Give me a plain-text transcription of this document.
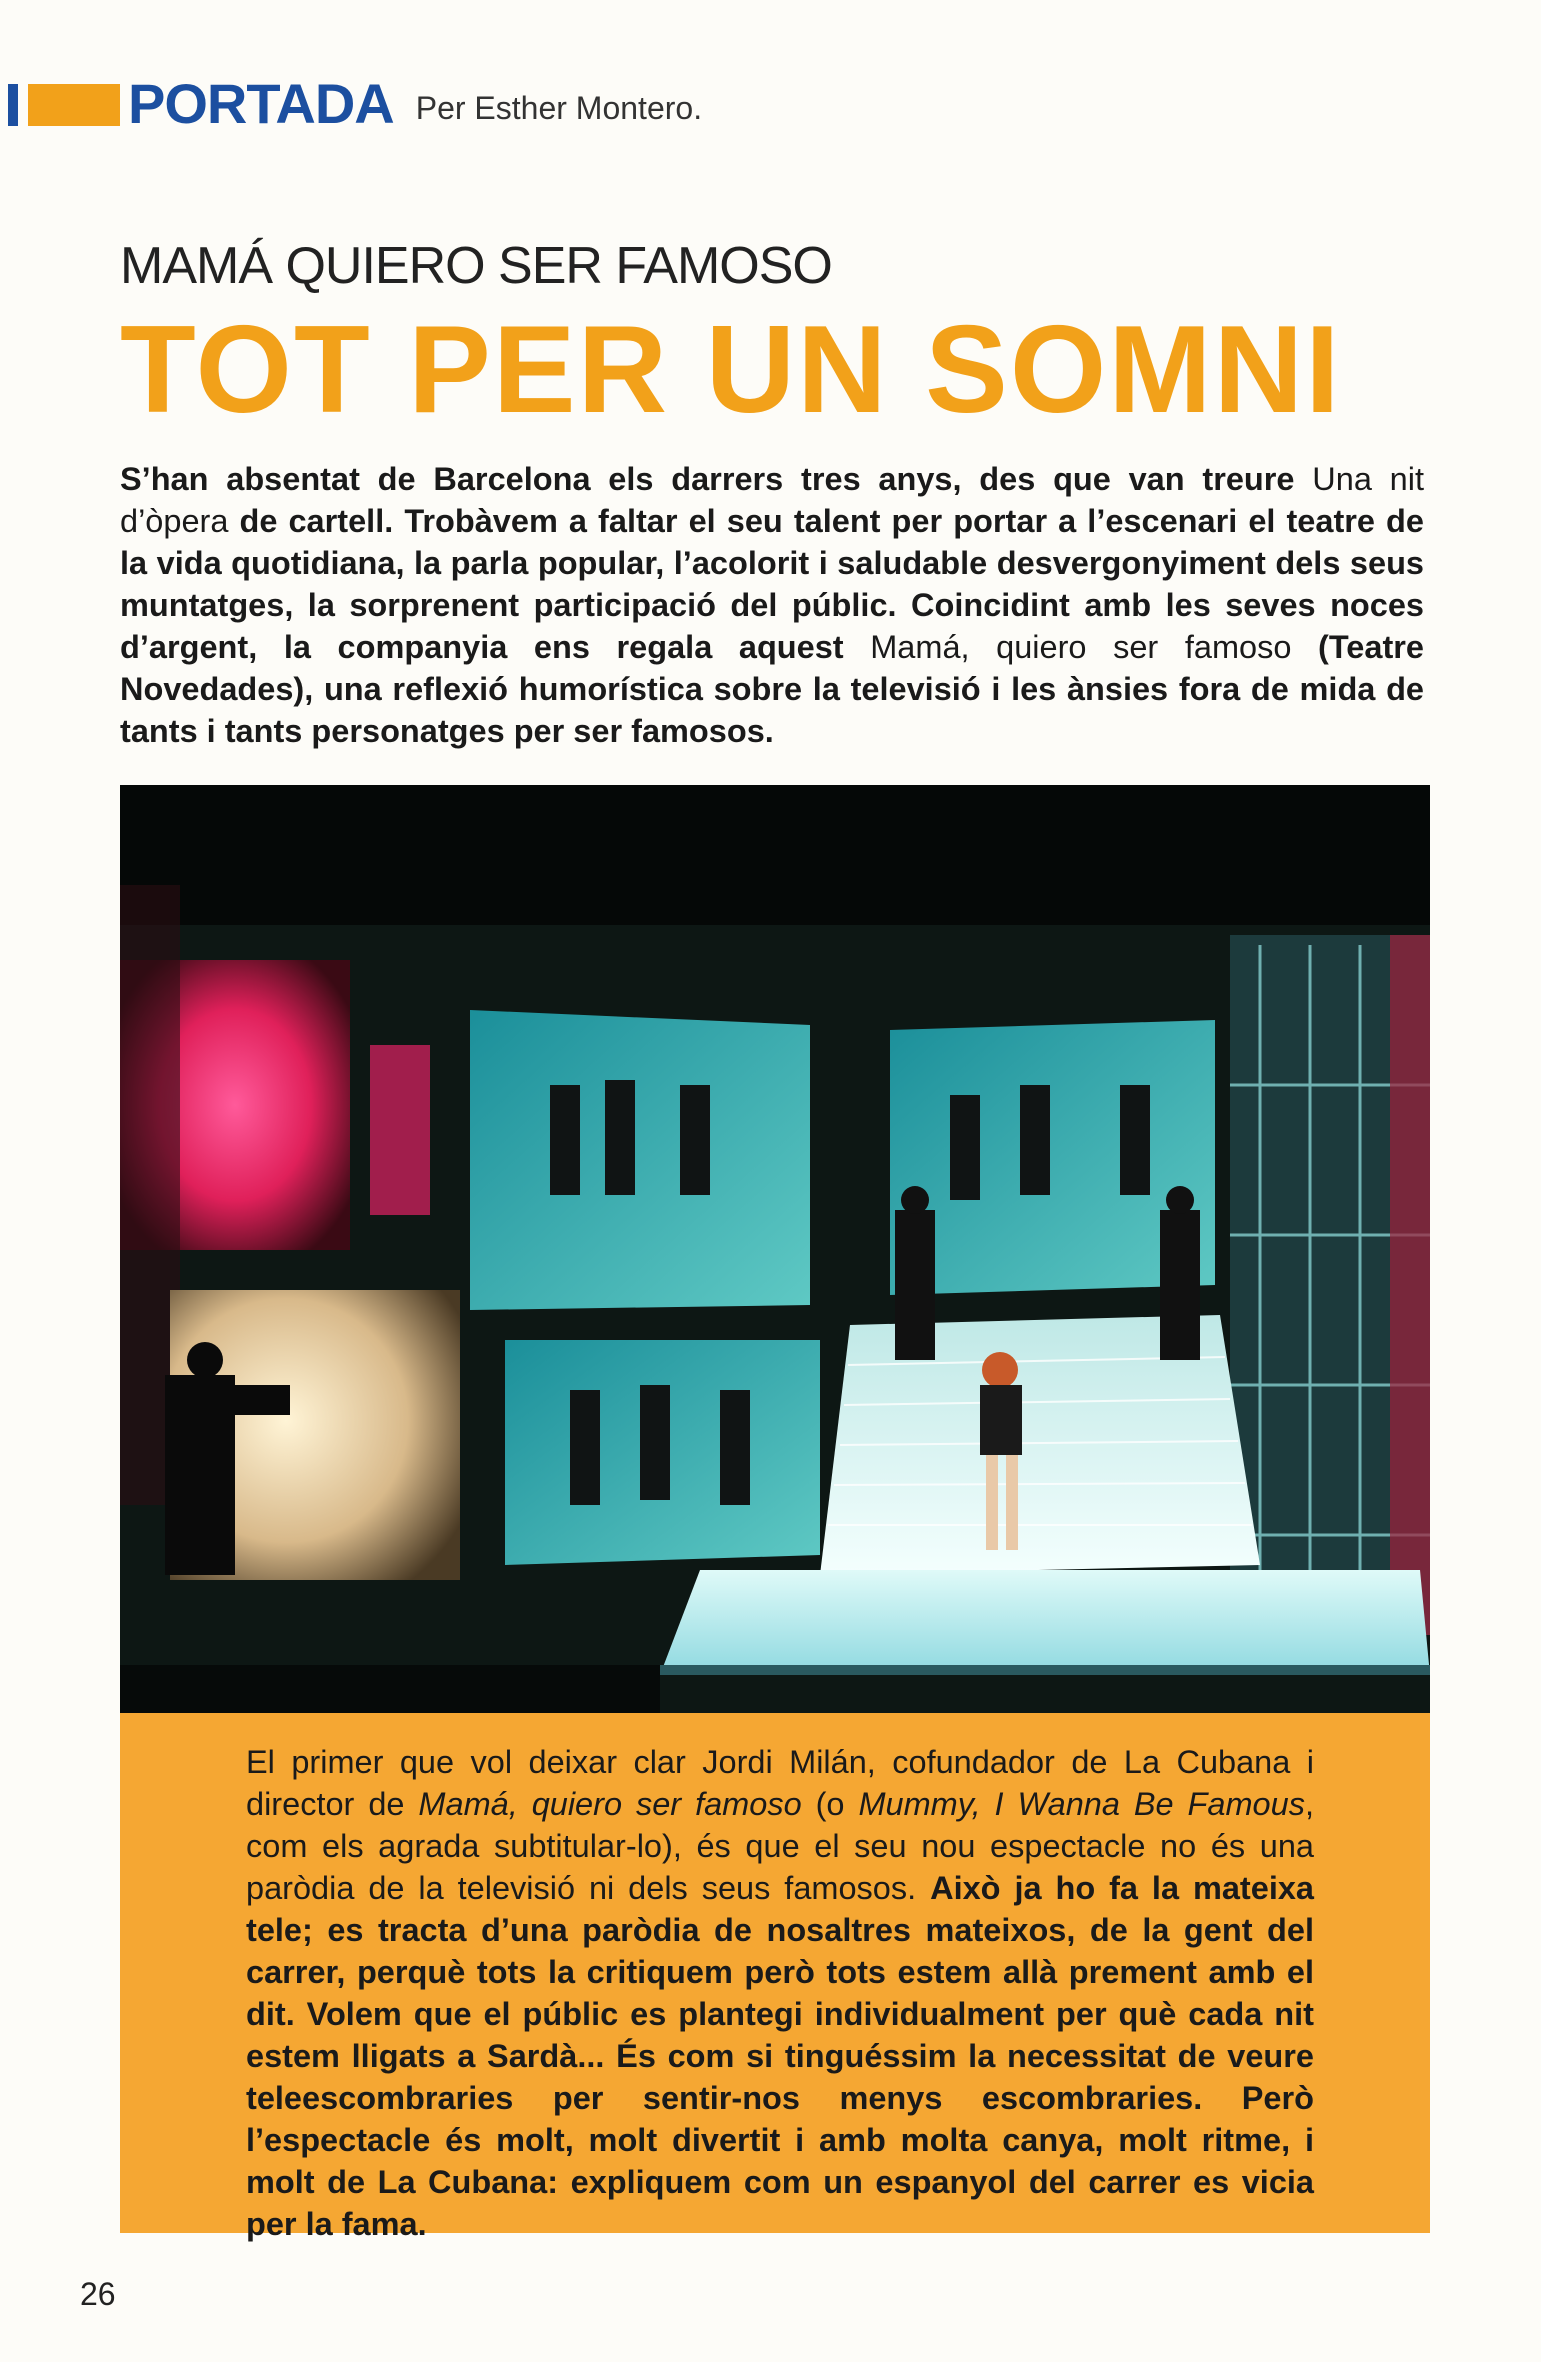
PORTADA Per Esther Montero.
MAMÁ QUIERO SER FAMOSO
TOT PER UN SOMNI
S’han absentat de Barcelona els darrers tres anys, des que van treure Una nit d’òpera de cartell. Trobàvem a faltar el seu talent per portar a l’escenari el teatre de la vida quotidiana, la parla popular, l’acolorit i saludable desvergonyiment dels seus muntatges, la sorprenent participació del públic. Coincidint amb les seves noces d’argent, la companyia ens regala aquest Mamá, quiero ser famoso (Teatre Novedades), una reflexió humorística sobre la televisió i les ànsies fora de mida de tants i tants personatges per ser famosos.

El primer que vol deixar clar Jordi Milán, cofundador de La Cubana i director de Mamá, quiero ser famoso (o Mummy, I Wanna Be Famous, com els agrada subtitular-lo), és que el seu nou espectacle no és una paròdia de la televisió ni dels seus famosos. Això ja ho fa la mateixa tele; es tracta d’una paròdia de nosaltres mateixos, de la gent del carrer, perquè tots la critiquem però tots estem allà prement amb el dit. Volem que el públic es plantegi individualment per què cada nit estem lligats a Sardà... És com si tinguéssim la necessitat de veure teleescombraries per sentir-nos menys escombraries. Però l’espectacle és molt, molt divertit i amb molta canya, molt ritme, i molt de La Cubana: expliquem com un espanyol del carrer es vicia per la fama.

26
